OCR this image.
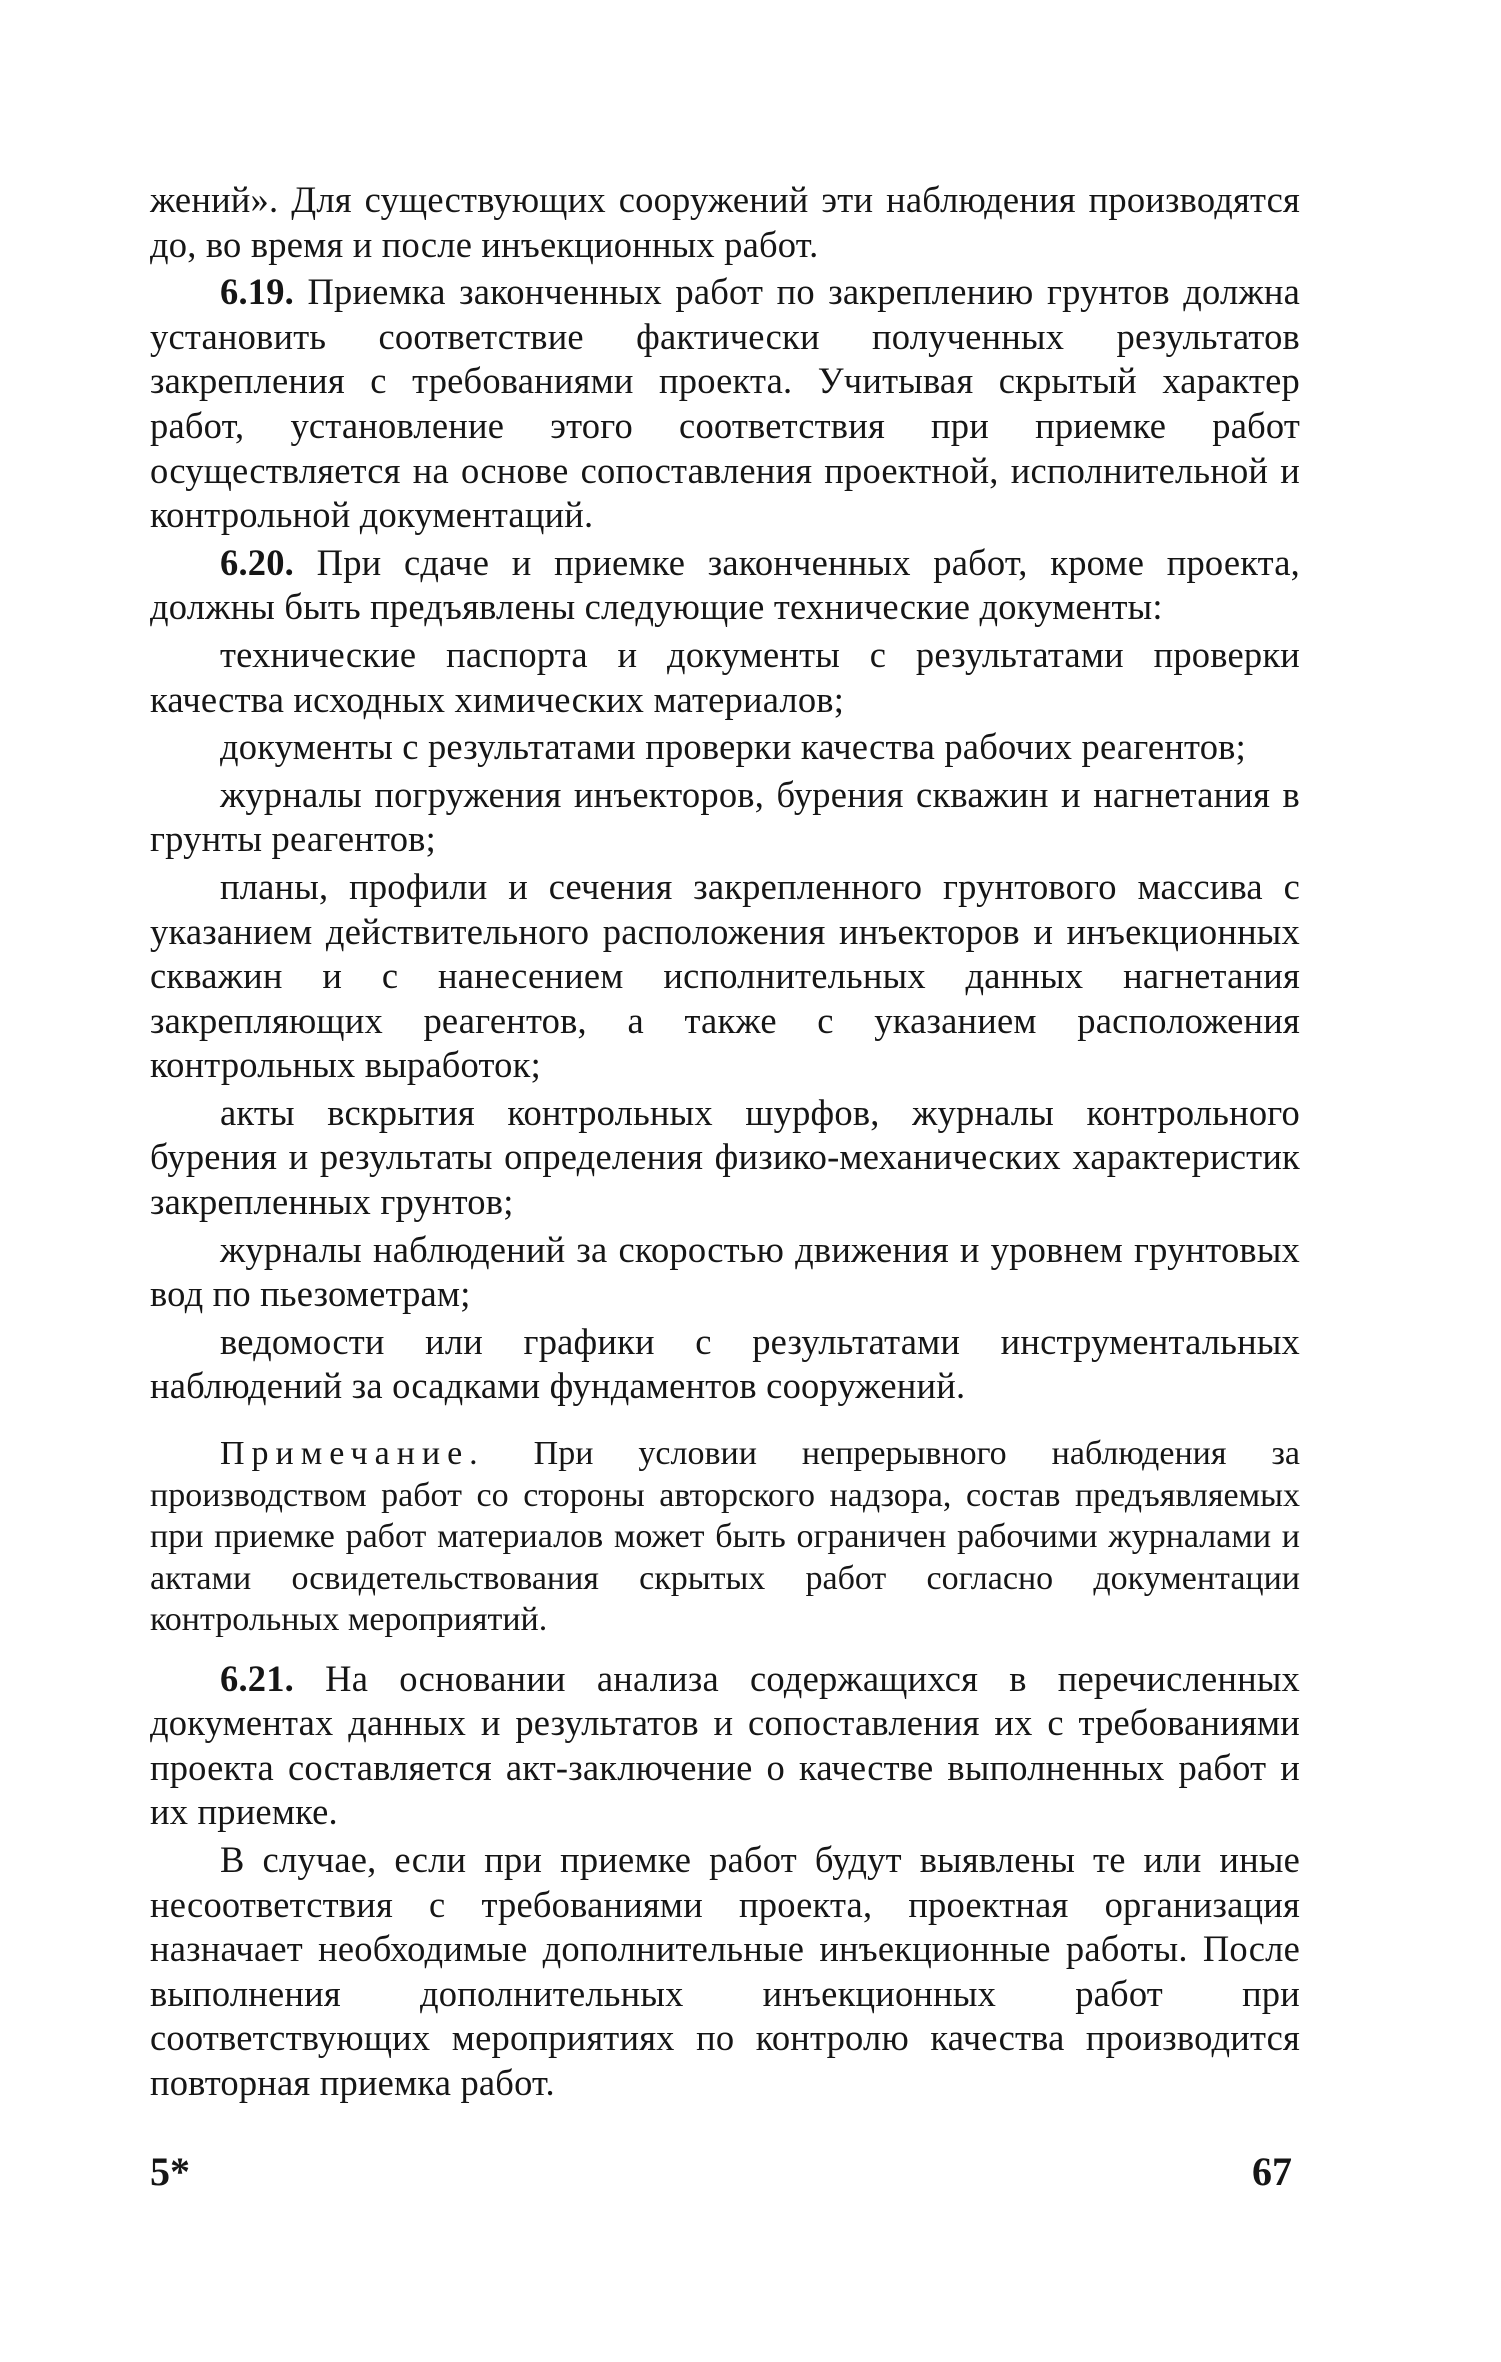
жений». Для существующих сооружений эти наблюдения производятся до, во время и после инъекционных работ.

6.19. Приемка законченных работ по закреплению грунтов должна установить соответствие фактически полученных результатов закрепления с требованиями проекта. Учитывая скрытый характер работ, установление этого соответствия при приемке работ осуществляется на основе сопоставления проектной, исполнительной и контрольной документаций.

6.20. При сдаче и приемке законченных работ, кроме проекта, должны быть предъявлены следующие технические документы:

технические паспорта и документы с результатами проверки качества исходных химических материалов;

документы с результатами проверки качества рабочих реагентов;

журналы погружения инъекторов, бурения скважин и нагнетания в грунты реагентов;

планы, профили и сечения закрепленного грунтового массива с указанием действительного расположения инъекторов и инъекционных скважин и с нанесением исполнительных данных нагнетания закрепляющих реагентов, а также с указанием расположения контрольных выработок;

акты вскрытия контрольных шурфов, журналы контрольного бурения и результаты определения физико-механических характеристик закрепленных грунтов;

журналы наблюдений за скоростью движения и уровнем грунтовых вод по пьезометрам;

ведомости или графики с результатами инструментальных наблюдений за осадками фундаментов сооружений.

Примечание. При условии непрерывного наблюдения за производством работ со стороны авторского надзора, состав предъявляемых при приемке работ материалов может быть ограничен рабочими журналами и актами освидетельствования скрытых работ согласно документации контрольных мероприятий.

6.21. На основании анализа содержащихся в перечисленных документах данных и результатов и сопоставления их с требованиями проекта составляется акт-заключение о качестве выполненных работ и их приемке.

В случае, если при приемке работ будут выявлены те или иные несоответствия с требованиями проекта, проектная организация назначает необходимые дополнительные инъекционные работы. После выполнения дополнительных инъекционных работ при соответствующих мероприятиях по контролю качества производится повторная приемка работ.

5*	67
